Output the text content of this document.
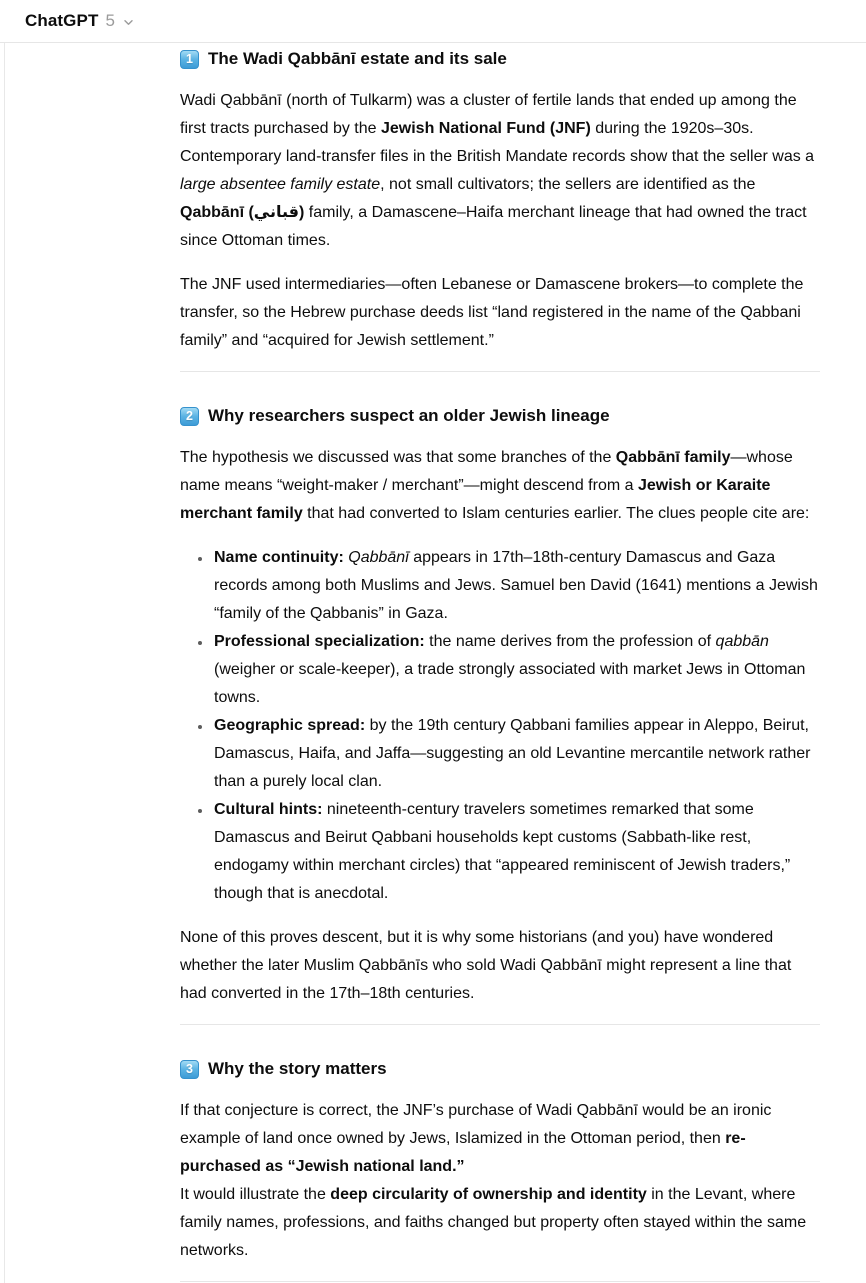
ChatGPT 5
1 The Wadi Qabbānī estate and its sale

Wadi Qabbānī (north of Tulkarm) was a cluster of fertile lands that ended up among the first tracts purchased by the Jewish National Fund (JNF) during the 1920s–30s. Contemporary land-transfer files in the British Mandate records show that the seller was a large absentee family estate, not small cultivators; the sellers are identified as the Qabbānī (قباني) family, a Damascene–Haifa merchant lineage that had owned the tract since Ottoman times.

The JNF used intermediaries—often Lebanese or Damascene brokers—to complete the transfer, so the Hebrew purchase deeds list “land registered in the name of the Qabbani family” and “acquired for Jewish settlement.”

2 Why researchers suspect an older Jewish lineage

The hypothesis we discussed was that some branches of the Qabbānī family—whose name means “weight-maker / merchant”—might descend from a Jewish or Karaite merchant family that had converted to Islam centuries earlier. The clues people cite are:

• Name continuity: Qabbānī appears in 17th–18th-century Damascus and Gaza records among both Muslims and Jews. Samuel ben David (1641) mentions a Jewish “family of the Qabbanis” in Gaza.
• Professional specialization: the name derives from the profession of qabbān (weigher or scale-keeper), a trade strongly associated with market Jews in Ottoman towns.
• Geographic spread: by the 19th century Qabbani families appear in Aleppo, Beirut, Damascus, Haifa, and Jaffa—suggesting an old Levantine mercantile network rather than a purely local clan.
• Cultural hints: nineteenth-century travelers sometimes remarked that some Damascus and Beirut Qabbani households kept customs (Sabbath-like rest, endogamy within merchant circles) that “appeared reminiscent of Jewish traders,” though that is anecdotal.

None of this proves descent, but it is why some historians (and you) have wondered whether the later Muslim Qabbānīs who sold Wadi Qabbānī might represent a line that had converted in the 17th–18th centuries.

3 Why the story matters

If that conjecture is correct, the JNF’s purchase of Wadi Qabbānī would be an ironic example of land once owned by Jews, Islamized in the Ottoman period, then re-purchased as “Jewish national land.”
It would illustrate the deep circularity of ownership and identity in the Levant, where family names, professions, and faiths changed but property often stayed within the same networks.
